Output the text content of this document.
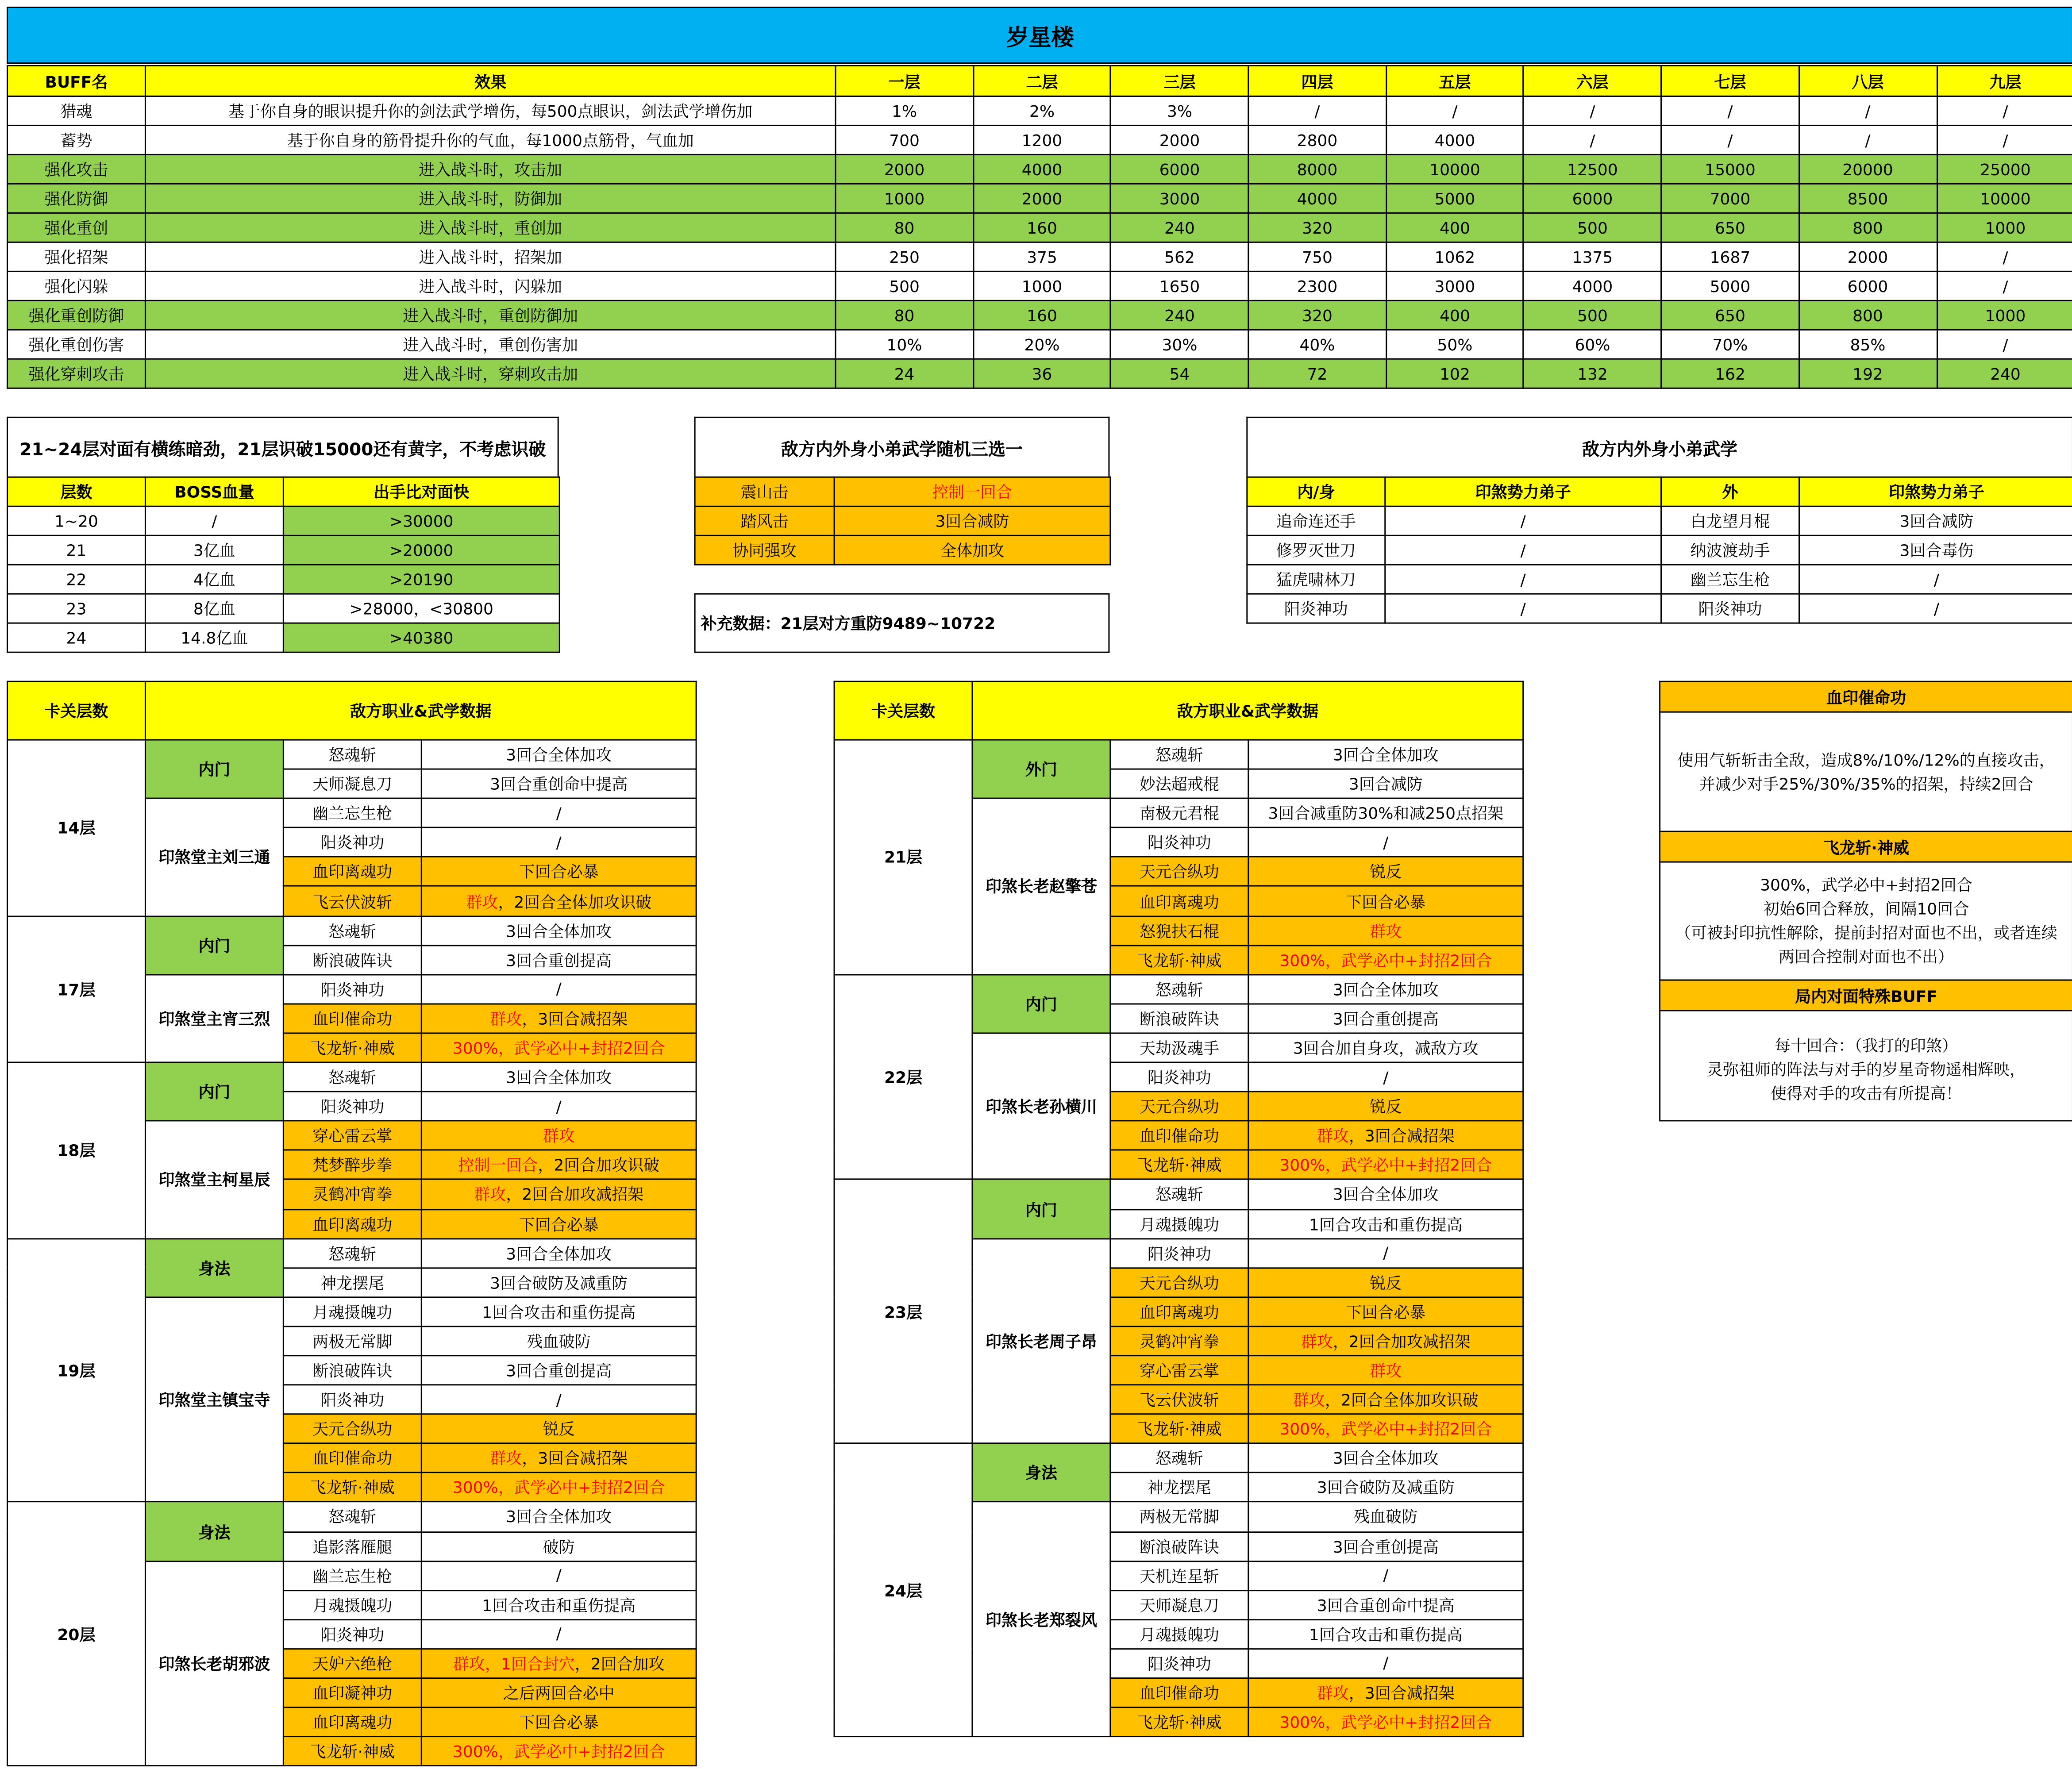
岁星楼
BUFF名	效果	一层	二层	三层	四层	五层	六层	七层	八层	九层
猎魂	基于你自身的眼识提升你的剑法武学增伤，每500点眼识，剑法武学增伤加	1%	2%	3%	/	/	/	/	/	/
蓄势	基于你自身的筋骨提升你的气血，每1000点筋骨，气血加	700	1200	2000	2800	4000	/	/	/	/
强化攻击	进入战斗时，攻击加	2000	4000	6000	8000	10000	12500	15000	20000	25000
强化防御	进入战斗时，防御加	1000	2000	3000	4000	5000	6000	7000	8500	10000
强化重创	进入战斗时，重创加	80	160	240	320	400	500	650	800	1000
强化招架	进入战斗时，招架加	250	375	562	750	1062	1375	1687	2000	/
强化闪躲	进入战斗时，闪躲加	500	1000	1650	2300	3000	4000	5000	6000	/
强化重创防御	进入战斗时，重创防御加	80	160	240	320	400	500	650	800	1000
强化重创伤害	进入战斗时，重创伤害加	10%	20%	30%	40%	50%	60%	70%	85%	/
强化穿刺攻击	进入战斗时，穿刺攻击加	24	36	54	72	102	132	162	192	240
21~24层对面有横练暗劲，21层识破15000还有黄字，不考虑识破
层数	BOSS血量	出手比对面快
1~20	/	>30000
21	3亿血	>20000
22	4亿血	>20190
23	8亿血	>28000，<30800
24	14.8亿血	>40380
敌方内外身小弟武学随机三选一
震山击	控制一回合
踏风击	3回合减防
协同强攻	全体加攻
补充数据：21层对方重防9489~10722
敌方内外身小弟武学
内/身	印煞势力弟子	外	印煞势力弟子
追命连还手	/	白龙望月棍	3回合减防
修罗灭世刀	/	纳波渡劫手	3回合毒伤
猛虎啸林刀	/	幽兰忘生枪	/
阳炎神功	/	阳炎神功	/
卡关层数	敌方职业&武学数据		
14层	内门	怒魂斩	3回合全体加攻
		天师凝息刀	3回合重创命中提高
	印煞堂主刘三通	幽兰忘生枪	/
		阳炎神功	/
		血印离魂功	下回合必暴
		飞云伏波斩	群攻，2回合全体加攻识破
17层	内门	怒魂斩	3回合全体加攻
		断浪破阵诀	3回合重创提高
	印煞堂主宵三烈	阳炎神功	/
		血印催命功	群攻，3回合减招架
		飞龙斩·神威	300%，武学必中+封招2回合
18层	内门	怒魂斩	3回合全体加攻
		阳炎神功	/
	印煞堂主柯星辰	穿心雷云掌	群攻
		梵梦醉步拳	控制一回合，2回合加攻识破
		灵鹤冲宵拳	群攻，2回合加攻减招架
		血印离魂功	下回合必暴
19层	身法	怒魂斩	3回合全体加攻
		神龙摆尾	3回合破防及减重防
	印煞堂主镇宝寺	月魂摄魄功	1回合攻击和重伤提高
		两极无常脚	残血破防
		断浪破阵诀	3回合重创提高
		阳炎神功	/
		天元合纵功	锐反
		血印催命功	群攻，3回合减招架
		飞龙斩·神威	300%，武学必中+封招2回合
20层	身法	怒魂斩	3回合全体加攻
		追影落雁腿	破防
	印煞长老胡邪波	幽兰忘生枪	/
		月魂摄魄功	1回合攻击和重伤提高
		阳炎神功	/
		天妒六绝枪	群攻，1回合封穴，2回合加攻
		血印凝神功	之后两回合必中
		血印离魂功	下回合必暴
		飞龙斩·神威	300%，武学必中+封招2回合
卡关层数	敌方职业&武学数据		
21层	外门	怒魂斩	3回合全体加攻
		妙法超戒棍	3回合减防
	印煞长老赵擎苍	南极元君棍	3回合减重防30%和减250点招架
		阳炎神功	/
		天元合纵功	锐反
		血印离魂功	下回合必暴
		怒猊扶石棍	群攻
		飞龙斩·神威	300%，武学必中+封招2回合
22层	内门	怒魂斩	3回合全体加攻
		断浪破阵诀	3回合重创提高
	印煞长老孙横川	天劫汲魂手	3回合加自身攻，减敌方攻
		阳炎神功	/
		天元合纵功	锐反
		血印催命功	群攻，3回合减招架
		飞龙斩·神威	300%，武学必中+封招2回合
23层	内门	怒魂斩	3回合全体加攻
		月魂摄魄功	1回合攻击和重伤提高
	印煞长老周子昂	阳炎神功	/
		天元合纵功	锐反
		血印离魂功	下回合必暴
		灵鹤冲宵拳	群攻，2回合加攻减招架
		穿心雷云掌	群攻
		飞云伏波斩	群攻，2回合全体加攻识破
		飞龙斩·神威	300%，武学必中+封招2回合
24层	身法	怒魂斩	3回合全体加攻
		神龙摆尾	3回合破防及减重防
	印煞长老郑裂风	两极无常脚	残血破防
		断浪破阵诀	3回合重创提高
		天机连星斩	/
		天师凝息刀	3回合重创命中提高
		月魂摄魄功	1回合攻击和重伤提高
		阳炎神功	/
		血印催命功	群攻，3回合减招架
		飞龙斩·神威	300%，武学必中+封招2回合
血印催命功
使用气斩斩击全敌，造成8%/10%/12%的直接攻击，
并减少对手25%/30%/35%的招架，持续2回合
飞龙斩·神威
300%，武学必中+封招2回合
初始6回合释放，间隔10回合
（可被封印抗性解除，提前封招对面也不出，或者连续
两回合控制对面也不出）
局内对面特殊BUFF
每十回合：（我打的印煞）
灵弥祖师的阵法与对手的岁星奇物遥相辉映，
使得对手的攻击有所提高！
